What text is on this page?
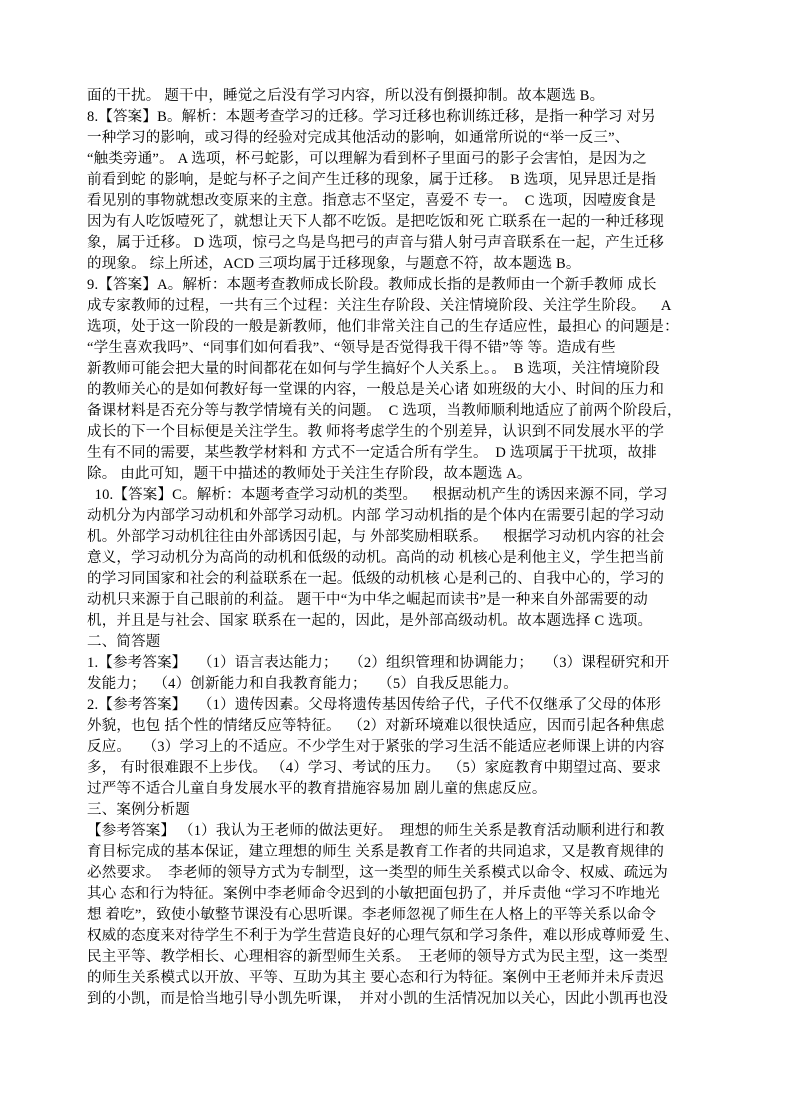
面的干扰。 题干中，睡觉之后没有学习内容，所以没有倒摄抑制。故本题选 B。
8.【答案】B。解析：本题考查学习的迁移。学习迁移也称训练迁移，是指一种学习 对另
一种学习的影响，或习得的经验对完成其他活动的影响，如通常所说的“举一反三”、
“触类旁通”。 A 选项，杯弓蛇影，可以理解为看到杯子里面弓的影子会害怕，是因为之
前看到蛇 的影响，是蛇与杯子之间产生迁移的现象，属于迁移。  B 选项，见异思迁是指
看见别的事物就想改变原来的主意。指意志不坚定，喜爱不 专一。  C 选项，因噎废食是
因为有人吃饭噎死了，就想让天下人都不吃饭。是把吃饭和死 亡联系在一起的一种迁移现
象，属于迁移。 D 选项，惊弓之鸟是鸟把弓的声音与猎人射弓声音联系在一起，产生迁移
的现象。 综上所述，ACD 三项均属于迁移现象，与题意不符，故本题选 B。
9.【答案】A。解析：本题考查教师成长阶段。教师成长指的是教师由一个新手教师 成长
成专家教师的过程，一共有三个过程：关注生存阶段、关注情境阶段、关注学生阶段。    A
选项，处于这一阶段的一般是新教师，他们非常关注自己的生存适应性，最担心 的问题是：
“学生喜欢我吗”、“同事们如何看我”、“领导是否觉得我干得不错”等 等。造成有些
新教师可能会把大量的时间都花在如何与学生搞好个人关系上。。  B 选项，关注情境阶段
的教师关心的是如何教好每一堂课的内容，一般总是关心诸 如班级的大小、时间的压力和
备课材料是否充分等与教学情境有关的问题。  C 选项，当教师顺利地适应了前两个阶段后，
成长的下一个目标便是关注学生。教 师将考虑学生的个别差异，认识到不同发展水平的学
生有不同的需要，某些教学材料和 方式不一定适合所有学生。  D 选项属于干扰项，故排
除。 由此可知，题干中描述的教师处于关注生存阶段，故本题选 A。
10.【答案】C。解析：本题考查学习动机的类型。    根据动机产生的诱因来源不同，学习
动机分为内部学习动机和外部学习动机。内部 学习动机指的是个体内在需要引起的学习动
机。外部学习动机往往由外部诱因引起，与 外部奖励相联系。    根据学习动机内容的社会
意义，学习动机分为高尚的动机和低级的动机。高尚的动 机核心是利他主义，学生把当前
的学习同国家和社会的利益联系在一起。低级的动机核 心是利己的、自我中心的，学习的
动机只来源于自己眼前的利益。 题干中“为中华之崛起而读书”是一种来自外部需要的动
机，并且是与社会、国家 联系在一起的，因此，是外部高级动机。故本题选择 C 选项。
二、简答题
1.【参考答案】   （1）语言表达能力；   （2）组织管理和协调能力；   （3）课程研究和开
发能力；  （4）创新能力和自我教育能力；   （5）自我反思能力。
2.【参考答案】   （1）遗传因素。父母将遗传基因传给子代，子代不仅继承了父母的体形
外貌，也包 括个性的情绪反应等特征。  （2）对新环境难以很快适应，因而引起各种焦虑
反应。   （3）学习上的不适应。不少学生对于紧张的学习生活不能适应老师课上讲的内容
多， 有时很难跟不上步伐。 （4）学习、考试的压力。  （5）家庭教育中期望过高、要求
过严等不适合儿童自身发展水平的教育措施容易加 剧儿童的焦虑反应。
三、案例分析题
【参考答案】 （1）我认为王老师的做法更好。  理想的师生关系是教育活动顺利进行和教
育目标完成的基本保证，建立理想的师生 关系是教育工作者的共同追求，又是教育规律的
必然要求。  李老师的领导方式为专制型，这一类型的师生关系模式以命令、权威、疏远为
其心 态和行为特征。案例中李老师命令迟到的小敏把面包扔了，并斥责他 “学习不咋地光
想 着吃”，致使小敏整节课没有心思听课。李老师忽视了师生在人格上的平等关系以命令
权威的态度来对待学生不利于为学生营造良好的心理气氛和学习条件，难以形成尊师爱 生、
民主平等、教学相长、心理相容的新型师生关系。  王老师的领导方式为民主型，这一类型
的师生关系模式以开放、平等、互助为其主 要心态和行为特征。案例中王老师并未斥责迟
到的小凯，而是恰当地引导小凯先听课，  并对小凯的生活情况加以关心，因此小凯再也没
